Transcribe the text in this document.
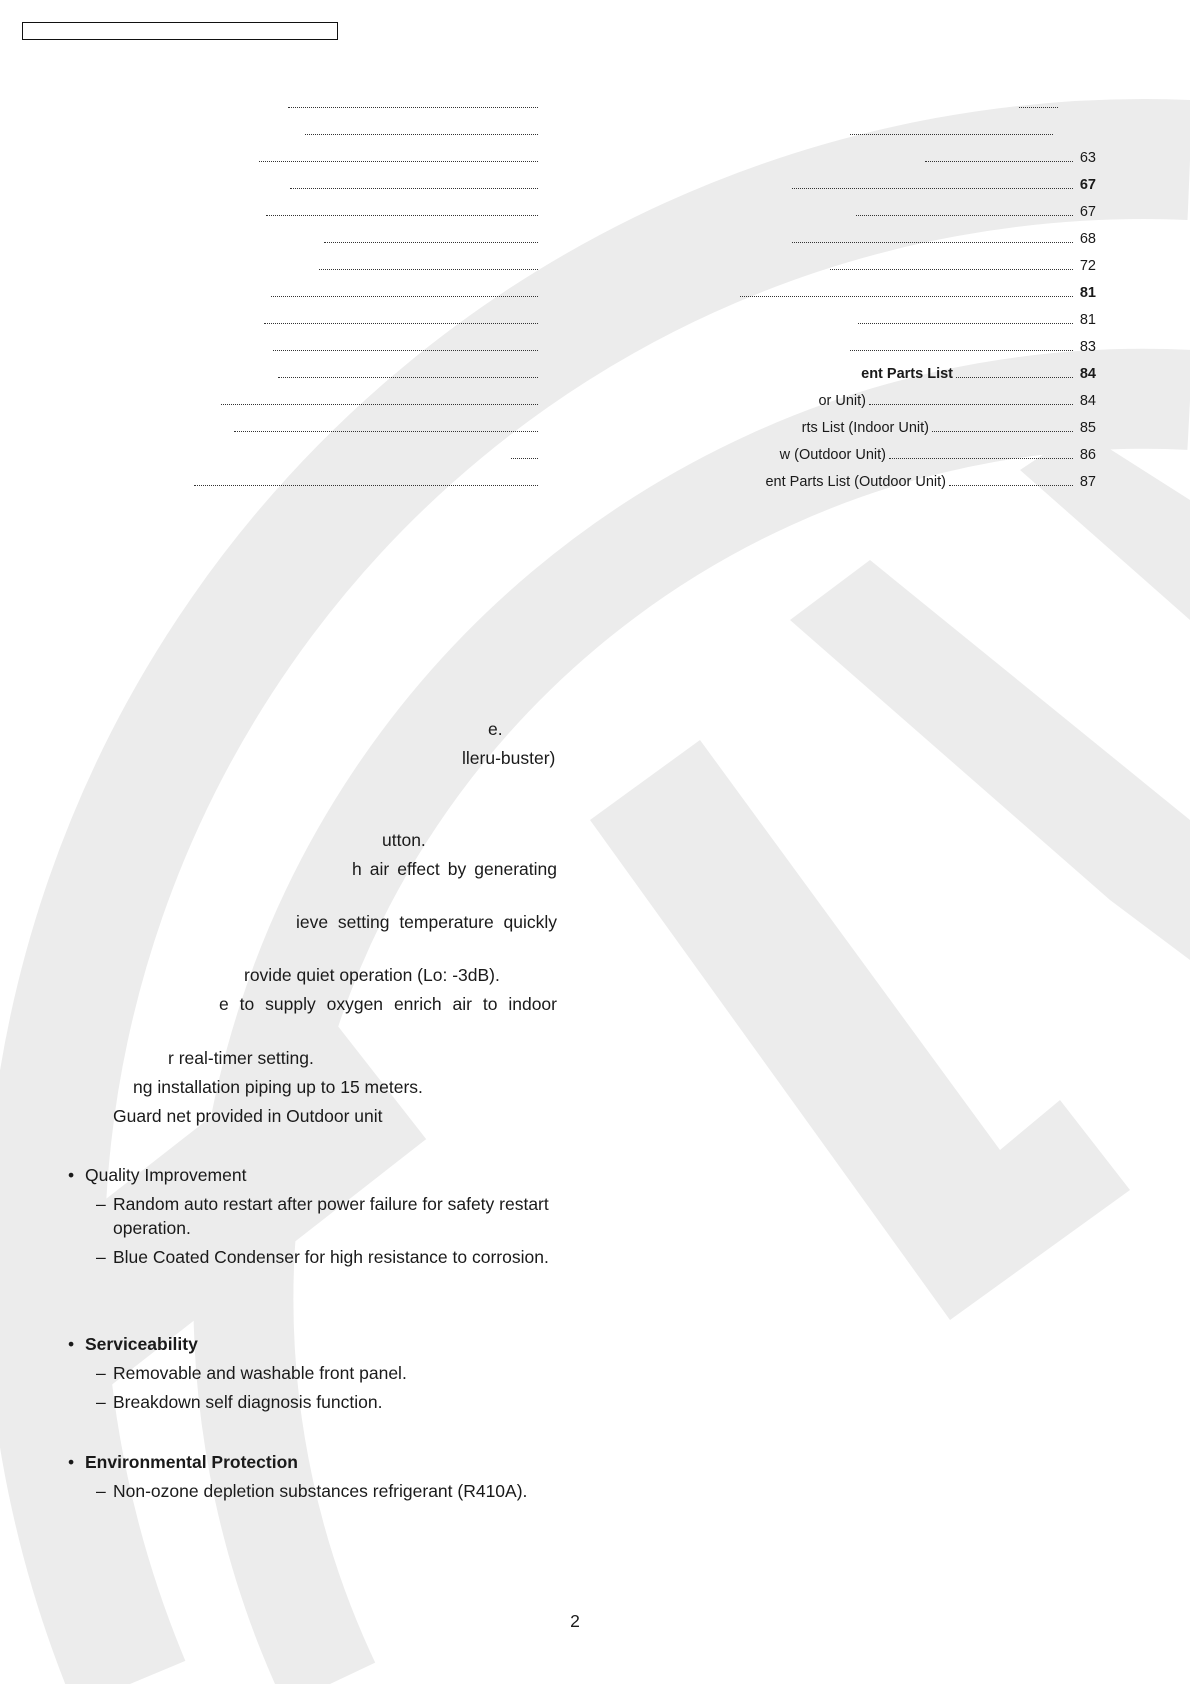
63
67
67
68
72
81
81
83
ent Parts List	84
or Unit)	84
rts List (Indoor Unit)	85
w (Outdoor Unit)	86
ent Parts List (Outdoor Unit)	87
e.
lleru-buster)
utton.
h air effect by generating
ieve setting temperature quickly
rovide quiet operation (Lo: -3dB).
e to supply oxygen enrich air to indoor
r real-timer setting.
ng installation piping up to 15 meters.
Guard net provided in Outdoor unit
• Quality Improvement
– Random auto restart after power failure for safety restart
operation.
– Blue Coated Condenser for high resistance to corrosion.
• Serviceability
– Removable and washable front panel.
– Breakdown self diagnosis function.
• Environmental Protection
– Non-ozone depletion substances refrigerant (R410A).
2
